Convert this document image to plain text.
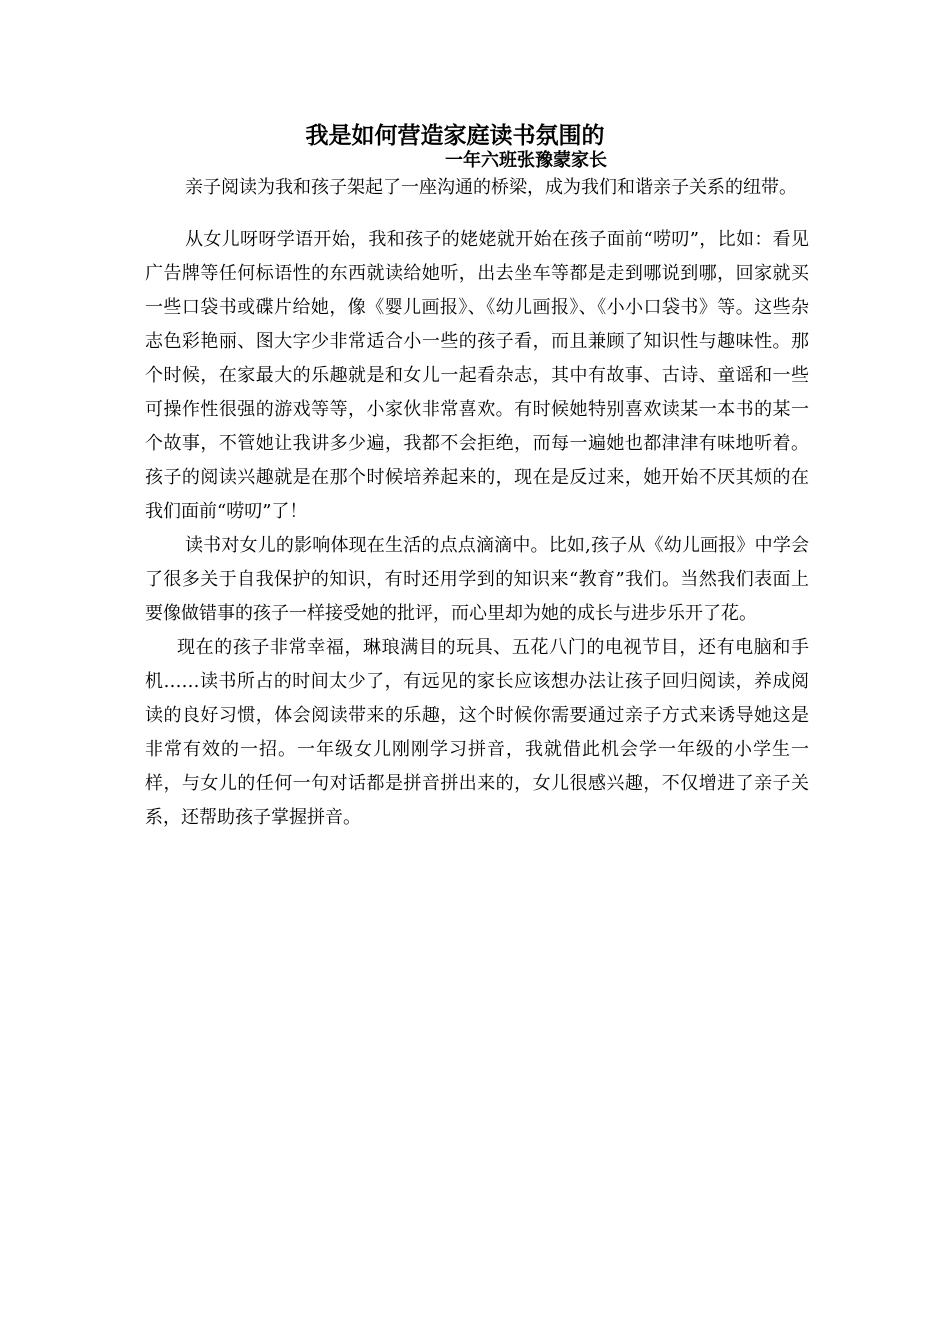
我是如何营造家庭读书氛围的
一年六班张豫蒙家长

亲子阅读为我和孩子架起了一座沟通的桥梁，成为我们和谐亲子关系的纽带。

从女儿呀呀学语开始，我和孩子的姥姥就开始在孩子面前“唠叨”，比如：看见广告牌等任何标语性的东西就读给她听，出去坐车等都是走到哪说到哪，回家就买一些口袋书或碟片给她，像《婴儿画报》、《幼儿画报》、《小小口袋书》等。这些杂志色彩艳丽、图大字少非常适合小一些的孩子看，而且兼顾了知识性与趣味性。那个时候，在家最大的乐趣就是和女儿一起看杂志，其中有故事、古诗、童谣和一些可操作性很强的游戏等等，小家伙非常喜欢。有时候她特别喜欢读某一本书的某一个故事，不管她让我讲多少遍，我都不会拒绝，而每一遍她也都津津有味地听着。孩子的阅读兴趣就是在那个时候培养起来的，现在是反过来，她开始不厌其烦的在我们面前“唠叨”了！

读书对女儿的影响体现在生活的点点滴滴中。比如,孩子从《幼儿画报》中学会了很多关于自我保护的知识，有时还用学到的知识来“教育”我们。当然我们表面上要像做错事的孩子一样接受她的批评，而心里却为她的成长与进步乐开了花。

现在的孩子非常幸福，琳琅满目的玩具、五花八门的电视节目，还有电脑和手机……读书所占的时间太少了，有远见的家长应该想办法让孩子回归阅读，养成阅读的良好习惯，体会阅读带来的乐趣，这个时候你需要通过亲子方式来诱导她这是非常有效的一招。一年级女儿刚刚学习拼音，我就借此机会学一年级的小学生一样，与女儿的任何一句对话都是拼音拼出来的，女儿很感兴趣，不仅增进了亲子关系，还帮助孩子掌握拼音。
